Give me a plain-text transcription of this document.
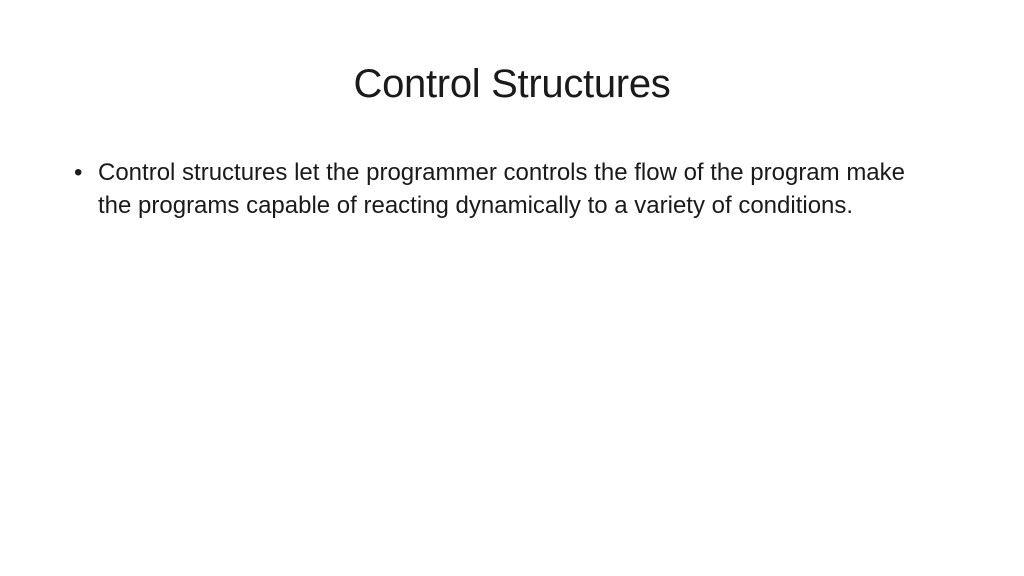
Control Structures
• Control structures let the programmer controls the flow of the program make the programs capable of reacting dynamically to a variety of conditions.
